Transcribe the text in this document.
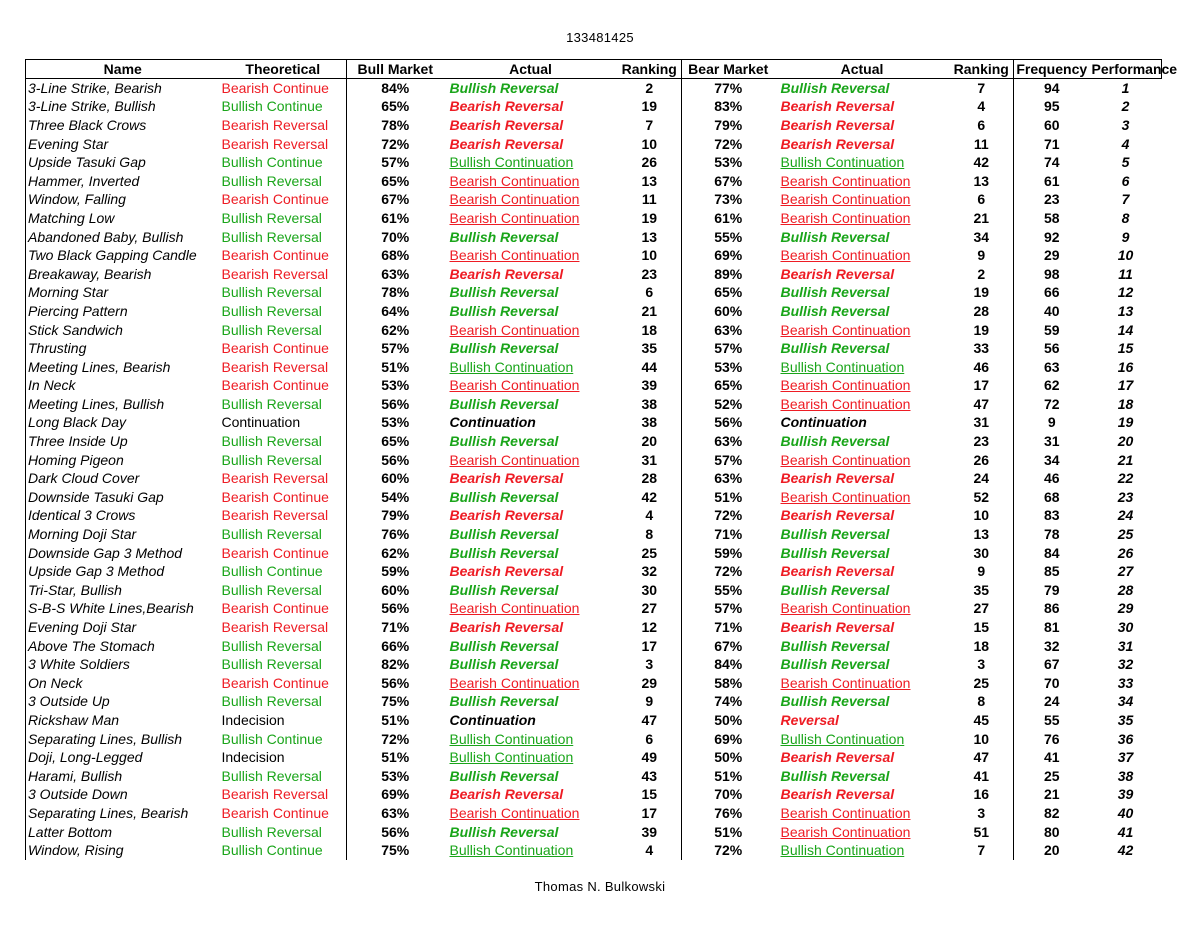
133481425
Name	Theoretical	Bull Market	Actual	Ranking	Bear Market	Actual	Ranking	Frequency	Performance
3-Line Strike, Bearish	Bearish Continue	84%	Bullish Reversal	2	77%	Bullish Reversal	7	94	1
3-Line Strike, Bullish	Bullish Continue	65%	Bearish Reversal	19	83%	Bearish Reversal	4	95	2
Three Black Crows	Bearish Reversal	78%	Bearish Reversal	7	79%	Bearish Reversal	6	60	3
Evening Star	Bearish Reversal	72%	Bearish Reversal	10	72%	Bearish Reversal	11	71	4
Upside Tasuki Gap	Bullish Continue	57%	Bullish Continuation	26	53%	Bullish Continuation	42	74	5
Hammer, Inverted	Bullish Reversal	65%	Bearish Continuation	13	67%	Bearish Continuation	13	61	6
Window, Falling	Bearish Continue	67%	Bearish Continuation	11	73%	Bearish Continuation	6	23	7
Matching Low	Bullish Reversal	61%	Bearish Continuation	19	61%	Bearish Continuation	21	58	8
Abandoned Baby, Bullish	Bullish Reversal	70%	Bullish Reversal	13	55%	Bullish Reversal	34	92	9
Two Black Gapping Candle	Bearish Continue	68%	Bearish Continuation	10	69%	Bearish Continuation	9	29	10
Breakaway, Bearish	Bearish Reversal	63%	Bearish Reversal	23	89%	Bearish Reversal	2	98	11
Morning Star	Bullish Reversal	78%	Bullish Reversal	6	65%	Bullish Reversal	19	66	12
Piercing Pattern	Bullish Reversal	64%	Bullish Reversal	21	60%	Bullish Reversal	28	40	13
Stick Sandwich	Bullish Reversal	62%	Bearish Continuation	18	63%	Bearish Continuation	19	59	14
Thrusting	Bearish Continue	57%	Bullish Reversal	35	57%	Bullish Reversal	33	56	15
Meeting Lines, Bearish	Bearish Reversal	51%	Bullish Continuation	44	53%	Bullish Continuation	46	63	16
In Neck	Bearish Continue	53%	Bearish Continuation	39	65%	Bearish Continuation	17	62	17
Meeting Lines, Bullish	Bullish Reversal	56%	Bullish Reversal	38	52%	Bearish Continuation	47	72	18
Long Black Day	Continuation	53%	Continuation	38	56%	Continuation	31	9	19
Three Inside Up	Bullish Reversal	65%	Bullish Reversal	20	63%	Bullish Reversal	23	31	20
Homing Pigeon	Bullish Reversal	56%	Bearish Continuation	31	57%	Bearish Continuation	26	34	21
Dark Cloud Cover	Bearish Reversal	60%	Bearish Reversal	28	63%	Bearish Reversal	24	46	22
Downside Tasuki Gap	Bearish Continue	54%	Bullish Reversal	42	51%	Bearish Continuation	52	68	23
Identical 3 Crows	Bearish Reversal	79%	Bearish Reversal	4	72%	Bearish Reversal	10	83	24
Morning Doji Star	Bullish Reversal	76%	Bullish Reversal	8	71%	Bullish Reversal	13	78	25
Downside Gap 3 Method	Bearish Continue	62%	Bullish Reversal	25	59%	Bullish Reversal	30	84	26
Upside Gap 3 Method	Bullish Continue	59%	Bearish Reversal	32	72%	Bearish Reversal	9	85	27
Tri-Star, Bullish	Bullish Reversal	60%	Bullish Reversal	30	55%	Bullish Reversal	35	79	28
S-B-S White Lines,Bearish	Bearish Continue	56%	Bearish Continuation	27	57%	Bearish Continuation	27	86	29
Evening Doji Star	Bearish Reversal	71%	Bearish Reversal	12	71%	Bearish Reversal	15	81	30
Above The Stomach	Bullish Reversal	66%	Bullish Reversal	17	67%	Bullish Reversal	18	32	31
3 White Soldiers	Bullish Reversal	82%	Bullish Reversal	3	84%	Bullish Reversal	3	67	32
On Neck	Bearish Continue	56%	Bearish Continuation	29	58%	Bearish Continuation	25	70	33
3 Outside Up	Bullish Reversal	75%	Bullish Reversal	9	74%	Bullish Reversal	8	24	34
Rickshaw Man	Indecision	51%	Continuation	47	50%	Reversal	45	55	35
Separating Lines, Bullish	Bullish Continue	72%	Bullish Continuation	6	69%	Bullish Continuation	10	76	36
Doji, Long-Legged	Indecision	51%	Bullish Continuation	49	50%	Bearish Reversal	47	41	37
Harami, Bullish	Bullish Reversal	53%	Bullish Reversal	43	51%	Bullish Reversal	41	25	38
3 Outside Down	Bearish Reversal	69%	Bearish Reversal	15	70%	Bearish Reversal	16	21	39
Separating Lines, Bearish	Bearish Continue	63%	Bearish Continuation	17	76%	Bearish Continuation	3	82	40
Latter Bottom	Bullish Reversal	56%	Bullish Reversal	39	51%	Bearish Continuation	51	80	41
Window, Rising	Bullish Continue	75%	Bullish Continuation	4	72%	Bullish Continuation	7	20	42
Thomas N. Bulkowski
